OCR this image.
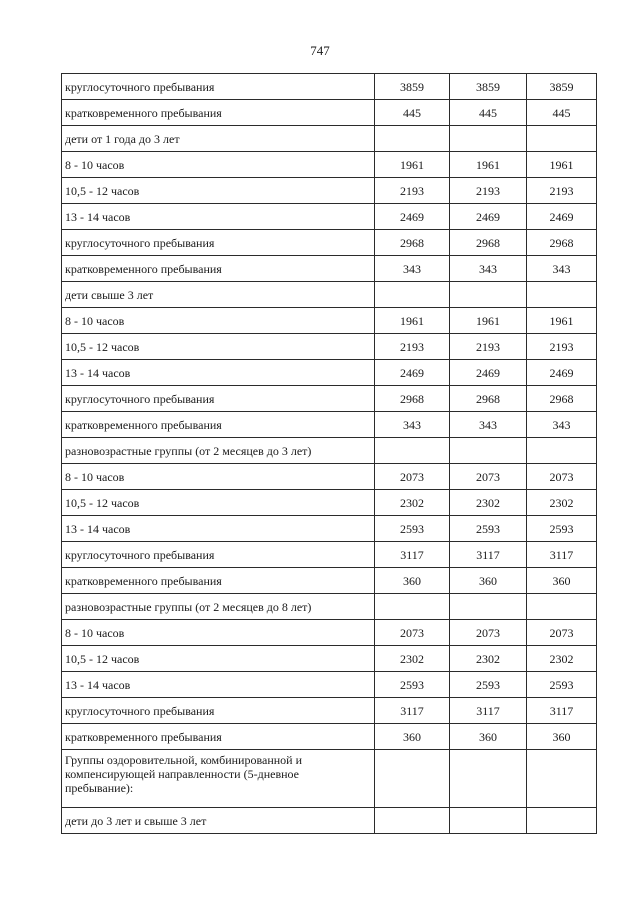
747
круглосуточного пребывания	3859	3859	3859
кратковременного пребывания	445	445	445
дети от 1 года до 3 лет			
8 - 10 часов	1961	1961	1961
10,5 - 12 часов	2193	2193	2193
13 - 14 часов	2469	2469	2469
круглосуточного пребывания	2968	2968	2968
кратковременного пребывания	343	343	343
дети свыше 3 лет			
8 - 10 часов	1961	1961	1961
10,5 - 12 часов	2193	2193	2193
13 - 14 часов	2469	2469	2469
круглосуточного пребывания	2968	2968	2968
кратковременного пребывания	343	343	343
разновозрастные группы (от 2 месяцев до 3 лет)			
8 - 10 часов	2073	2073	2073
10,5 - 12 часов	2302	2302	2302
13 - 14 часов	2593	2593	2593
круглосуточного пребывания	3117	3117	3117
кратковременного пребывания	360	360	360
разновозрастные группы (от 2 месяцев до 8 лет)			
8 - 10 часов	2073	2073	2073
10,5 - 12 часов	2302	2302	2302
13 - 14 часов	2593	2593	2593
круглосуточного пребывания	3117	3117	3117
кратковременного пребывания	360	360	360
Группы оздоровительной, комбинированной и компенсирующей направленности (5-дневное пребывание):			
дети до 3 лет и свыше 3 лет			
